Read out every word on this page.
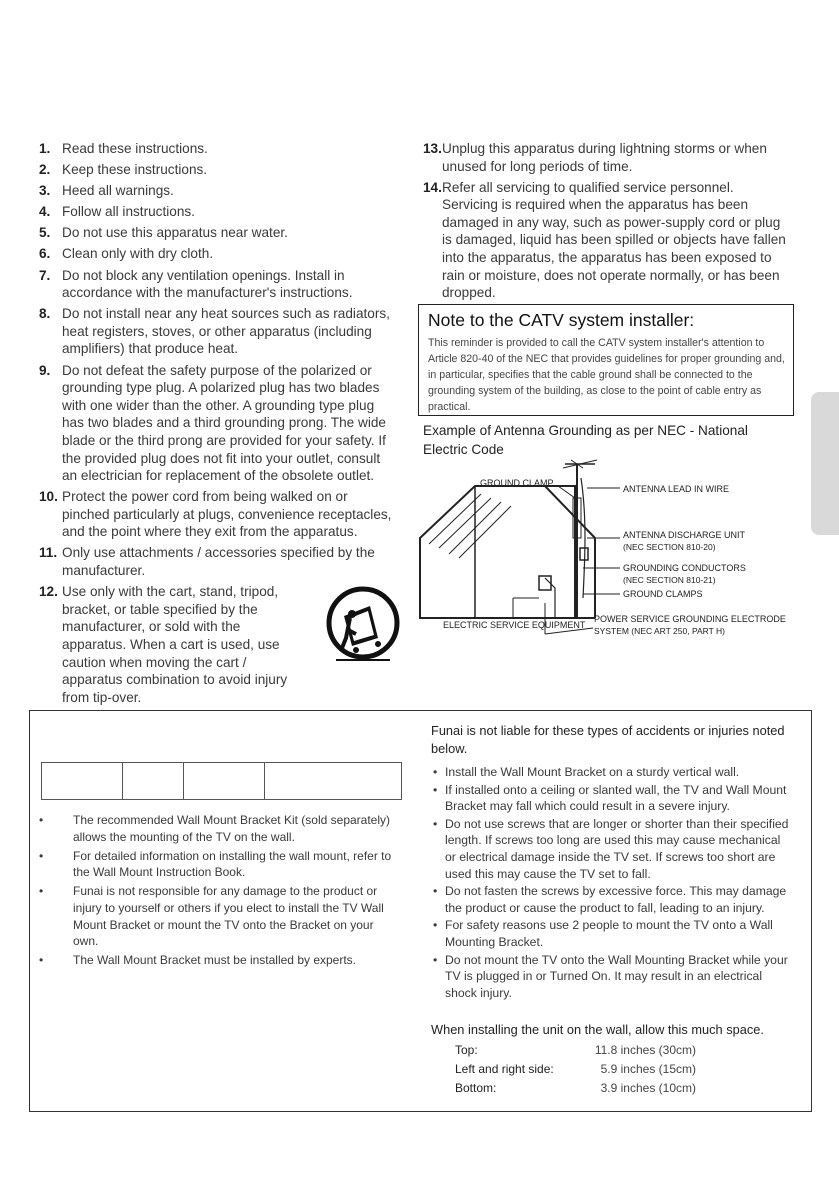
1. Read these instructions.
2. Keep these instructions.
3. Heed all warnings.
4. Follow all instructions.
5. Do not use this apparatus near water.
6. Clean only with dry cloth.
7. Do not block any ventilation openings. Install in accordance with the manufacturer's instructions.
8. Do not install near any heat sources such as radiators, heat registers, stoves, or other apparatus (including amplifiers) that produce heat.
9. Do not defeat the safety purpose of the polarized or grounding type plug. A polarized plug has two blades with one wider than the other. A grounding type plug has two blades and a third grounding prong. The wide blade or the third prong are provided for your safety. If the provided plug does not fit into your outlet, consult an electrician for replacement of the obsolete outlet.
10. Protect the power cord from being walked on or pinched particularly at plugs, convenience receptacles, and the point where they exit from the apparatus.
11. Only use attachments / accessories specified by the manufacturer.
12. Use only with the cart, stand, tripod, bracket, or table specified by the manufacturer, or sold with the apparatus. When a cart is used, use caution when moving the cart / apparatus combination to avoid injury from tip-over.
13. Unplug this apparatus during lightning storms or when unused for long periods of time.
14. Refer all servicing to qualified service personnel. Servicing is required when the apparatus has been damaged in any way, such as power-supply cord or plug is damaged, liquid has been spilled or objects have fallen into the apparatus, the apparatus has been exposed to rain or moisture, does not operate normally, or has been dropped.
Note to the CATV system installer:

This reminder is provided to call the CATV system installer's attention to Article 820-40 of the NEC that provides guidelines for proper grounding and, in particular, specifies that the cable ground shall be connected to the grounding system of the building, as close to the point of cable entry as practical.

Example of Antenna Grounding as per NEC - National Electric Code
GROUND CLAMP
ANTENNA LEAD IN WIRE
ANTENNA DISCHARGE UNIT
(NEC SECTION 810-20)
GROUNDING CONDUCTORS
(NEC SECTION 810-21)
GROUND CLAMPS
ELECTRIC SERVICE EQUIPMENT
POWER SERVICE GROUNDING ELECTRODE
SYSTEM (NEC ART 250, PART H)

• The recommended Wall Mount Bracket Kit (sold separately) allows the mounting of the TV on the wall.
• For detailed information on installing the wall mount, refer to the Wall Mount Instruction Book.
• Funai is not responsible for any damage to the product or injury to yourself or others if you elect to install the TV Wall Mount Bracket or mount the TV onto the Bracket on your own.
• The Wall Mount Bracket must be installed by experts.
Funai is not liable for these types of accidents or injuries noted below.
• Install the Wall Mount Bracket on a sturdy vertical wall.
• If installed onto a ceiling or slanted wall, the TV and Wall Mount Bracket may fall which could result in a severe injury.
• Do not use screws that are longer or shorter than their specified length. If screws too long are used this may cause mechanical or electrical damage inside the TV set. If screws too short are used this may cause the TV set to fall.
• Do not fasten the screws by excessive force. This may damage the product or cause the product to fall, leading to an injury.
• For safety reasons use 2 people to mount the TV onto a Wall Mounting Bracket.
• Do not mount the TV onto the Wall Mounting Bracket while your TV is plugged in or Turned On. It may result in an electrical shock injury.
When installing the unit on the wall, allow this much space.
Top:	11.8 inches (30cm)
Left and right side:	5.9 inches (15cm)
Bottom:	3.9 inches (10cm)
